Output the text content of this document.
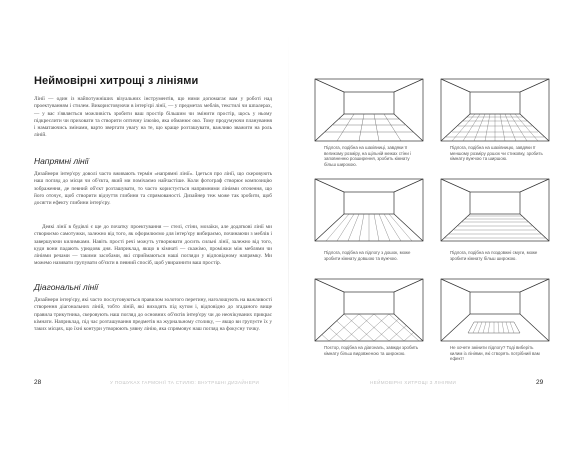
Неймовірні хитрощі з лініями

Лінії — один із найпотужніших візуальних інструментів, що ними допомагає вам у роботі над проектуванням і стилем. Використовуючи в інтер'єрі лінії, — у предметах меблів, текстилі чи шпалерах, — у вас з'являється можливість зробити ваш простір більшим чи змінити простір, щось у ньому підкреслити чи приховати та створити оптичну ілюзію, яка обманює око. Тому продумуючи планування і наматаючись змінами, варто звертати увагу на те, що краще розташувати, важливо зважити на роль ліній.

Напрямні лінії

Дизайнери інтер'єру доволі часто вживають термін «напрямні лінії». Ідеться про лінії, що скеровують наш погляд до місця чи об'єкта, який ми помічаємо найчастіше. Коли фотограф створює композицію зображення, де певний об'єкт розташувати, то часто користується напрямними лініями оточення, що його оточує, щоб створити відчуття глибини та спрямованості. Дизайнер теж може так зробити, щоб досягти ефекту глибини інтер'єру.

Деякі лінії в будівлі є ще до початку проектування — стелі, стіни, мозаїки, але додаткові лінії ми створюємо самотужки, залежно від того, як оформлюємо для інтер'єру вибираємо, починаючи з меблів і завершуючи килимками. Навіть прості речі можуть утворювати досить сильні лінії, залежно від того, куди вони падають урюдовк дня. Наприклад, якщо в кімнаті — скажімо, проміжки між меблями чи лініями речами — такими засобами, які сприймаються наші погляди у відповідному напрямку. Ми можемо називати групувати об'єкти в певний спосіб, щоб увиразнити ваш простір.

Діагональні лінії

Дизайнери інтер'єру, які часто послуговуються правилом золотого перетину, наголошують на важливості створення діагональних ліній, тобто ліній, які виходять під кутом і, відповідно до згаданого вище правила трикутника, скеровують наш погляд до основних об'єктів інтер'єру чи до неочікуваних прикрас кімнати. Наприклад, під час розташування предметів на журнальному столику, — якщо ви групуєте їх у таких місцях, що їхні контури утворюють уявну лінію, яка спрямовує наш погляд на фокусну точку.

28	У ПОШУКАХ ГАРМОНІЇ ТА СТИЛЮ: ВНУТРІШНІ ДИЗАЙНЕРИ

Підлога, подібна на шахівниці, завдяки її великому розміру, на щільній межах стіни і заповненню розширення, зробить кімнату більш широкою.

Підлога, подібна на шахівницю, завдяки її меншому розміру дошок чи стиковку, зробить кімнату вужчою та ширшою.

Підлога, подібна на підлогу з дошок, може зробити кімнату довшою та вужчою.

Підлога, подібна на поздовжні смуги, може зробити кімнату більш широкою.

Поєтор, подібна на діагональ, завжди зробить кімнату більш видовженою та широкою.

Не хочете змінити підлогу? Тоді виберіть килим із лініями, які створять потрібний вам ефект!

НЕЙМОВІРНІ ХИТРОЩІ З ЛІНІЯМИ	29
